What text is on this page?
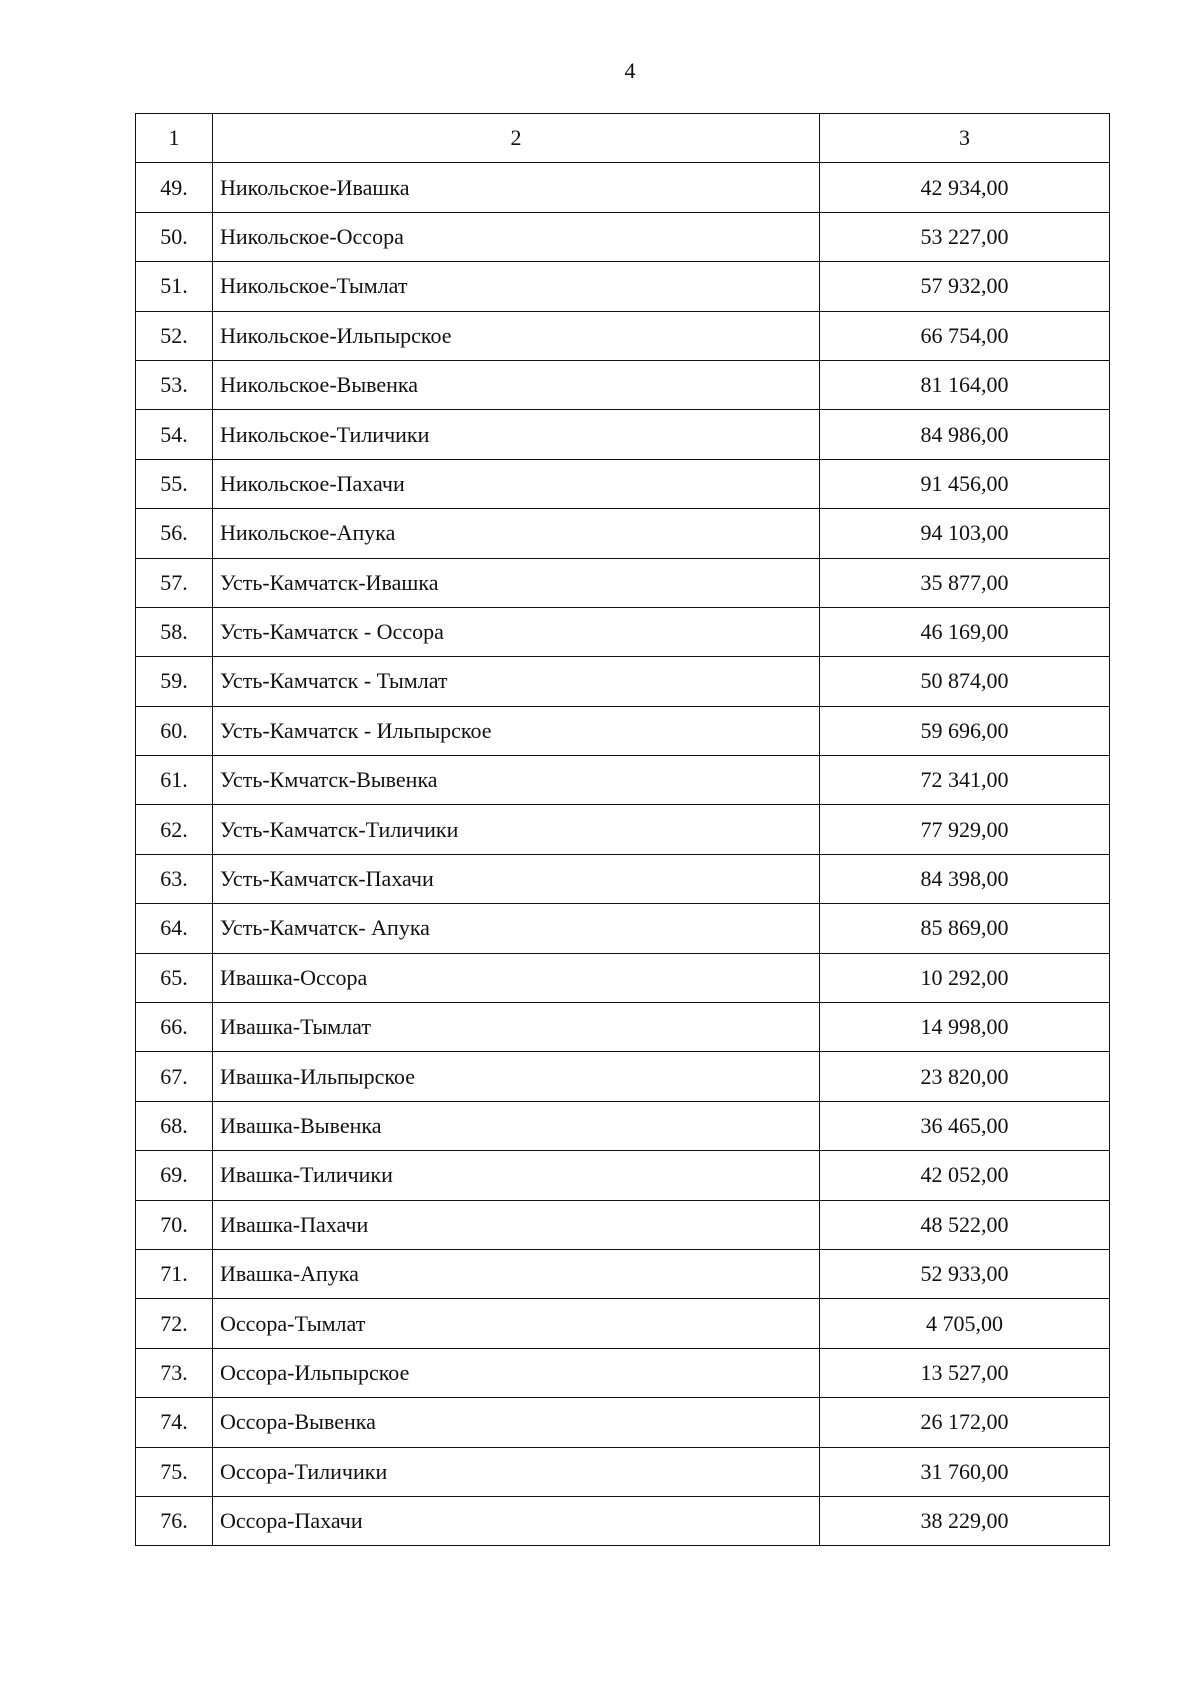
4
1	2	3
49.	Никольское-Ивашка	42 934,00
50.	Никольское-Оссора	53 227,00
51.	Никольское-Тымлат	57 932,00
52.	Никольское-Ильпырское	66 754,00
53.	Никольское-Вывенка	81 164,00
54.	Никольское-Тиличики	84 986,00
55.	Никольское-Пахачи	91 456,00
56.	Никольское-Апука	94 103,00
57.	Усть-Камчатск-Ивашка	35 877,00
58.	Усть-Камчатск - Оссора	46 169,00
59.	Усть-Камчатск - Тымлат	50 874,00
60.	Усть-Камчатск - Ильпырское	59 696,00
61.	Усть-Кмчатск-Вывенка	72 341,00
62.	Усть-Камчатск-Тиличики	77 929,00
63.	Усть-Камчатск-Пахачи	84 398,00
64.	Усть-Камчатск- Апука	85 869,00
65.	Ивашка-Оссора	10 292,00
66.	Ивашка-Тымлат	14 998,00
67.	Ивашка-Ильпырское	23 820,00
68.	Ивашка-Вывенка	36 465,00
69.	Ивашка-Тиличики	42 052,00
70.	Ивашка-Пахачи	48 522,00
71.	Ивашка-Апука	52 933,00
72.	Оссора-Тымлат	4 705,00
73.	Оссора-Ильпырское	13 527,00
74.	Оссора-Вывенка	26 172,00
75.	Оссора-Тиличики	31 760,00
76.	Оссора-Пахачи	38 229,00
